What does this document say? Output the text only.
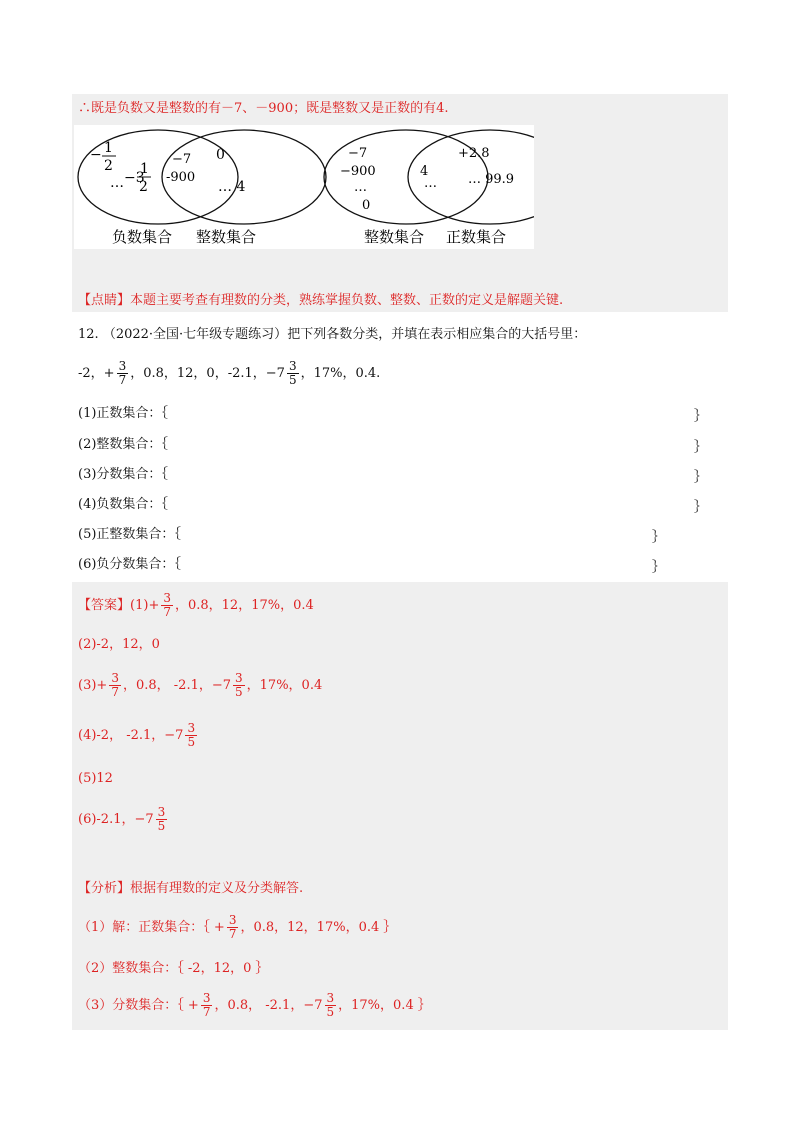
∴既是负数又是整数的有－7、－900；既是整数又是正数的有4.
− 1
2
−3
1
2
…
−7
-900
0
… 4
负数集合 整数集合
−7
−900
…
0
4
…
+2.8
… 99.9
整数集合 正数集合
【点睛】本题主要考查有理数的分类，熟练掌握负数、整数、正数的定义是解题关键.
12. （2022·全国·七年级专题练习）把下列各数分类，并填在表示相应集合的大括号里：
-2，+ $\frac{3}{7}$ ，0.8，12，0，-2.1，$-7 \frac{3}{5}$ ，17%，0.4.
(1)正数集合：｛	｝
(2)整数集合：｛	｝
(3)分数集合：｛	｝
(4)负数集合：｛	｝
(5)正整数集合：｛	｝
(6)负分数集合：｛	｝
【答案】$(1)+ \frac{3}{7}$ ，0.8，12，17%，0.4
(2)-2，12，0
$(3)+ \frac{3}{7}$ ，0.8， -2.1，$-7 \frac{3}{5}$ ，17%，0.4
(4)-2， -2.1，$-7 \frac{3}{5}$
(5)12
(6)-2.1，$-7 \frac{3}{5}$
【分析】根据有理数的定义及分类解答.
（1）解：正数集合：｛ + $\frac{3}{7}$ ，0.8，12，17%，0.4 ｝
（2）整数集合：｛ -2，12，0 ｝
（3）分数集合：｛ + $\frac{3}{7}$ ，0.8， -2.1，$-7 \frac{3}{5}$ ，17%，0.4 ｝
